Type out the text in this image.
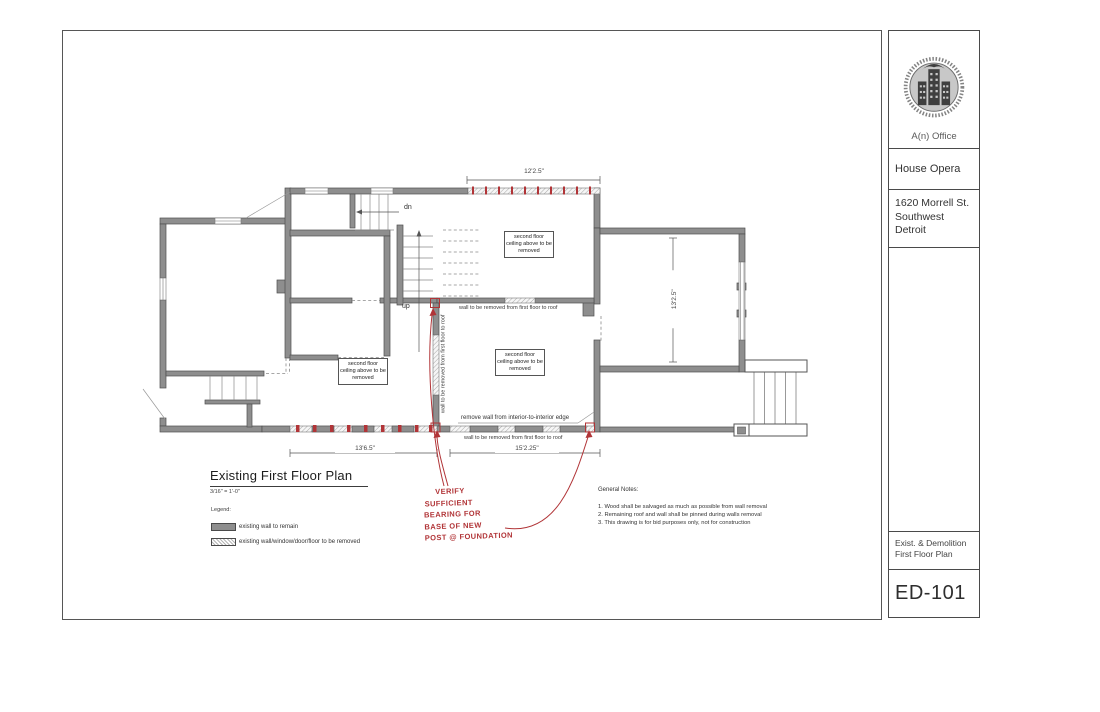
12'2.5"
13'6.5"	15'2.25"
13'2.5"
dn
up
second floor ceiling above to be removed
second floor ceiling above to be removed
second floor ceiling above to be removed
wall to be removed from first floor to roof
wall to be removed from first floor to roof
remove wall from interior-to-interior edge
wall to be removed from first floor to roof
Existing First Floor Plan
3/16" = 1'-0"
Legend:
existing wall to remain
existing wall/window/door/floor to be removed
General Notes:
1. Wood shall be salvaged as much as possible from wall removal
2. Remaining roof and wall shall be pinned during walls removal
3. This drawing is for bid purposes only, not for construction
VERIFY
SUFFICIENT
BEARING FOR
BASE OF NEW
POST @ FOUNDATION
A(n) Office
House Opera
1620 Morrell St.
Southwest
Detroit
Exist. & Demolition
First Floor Plan
ED-101
